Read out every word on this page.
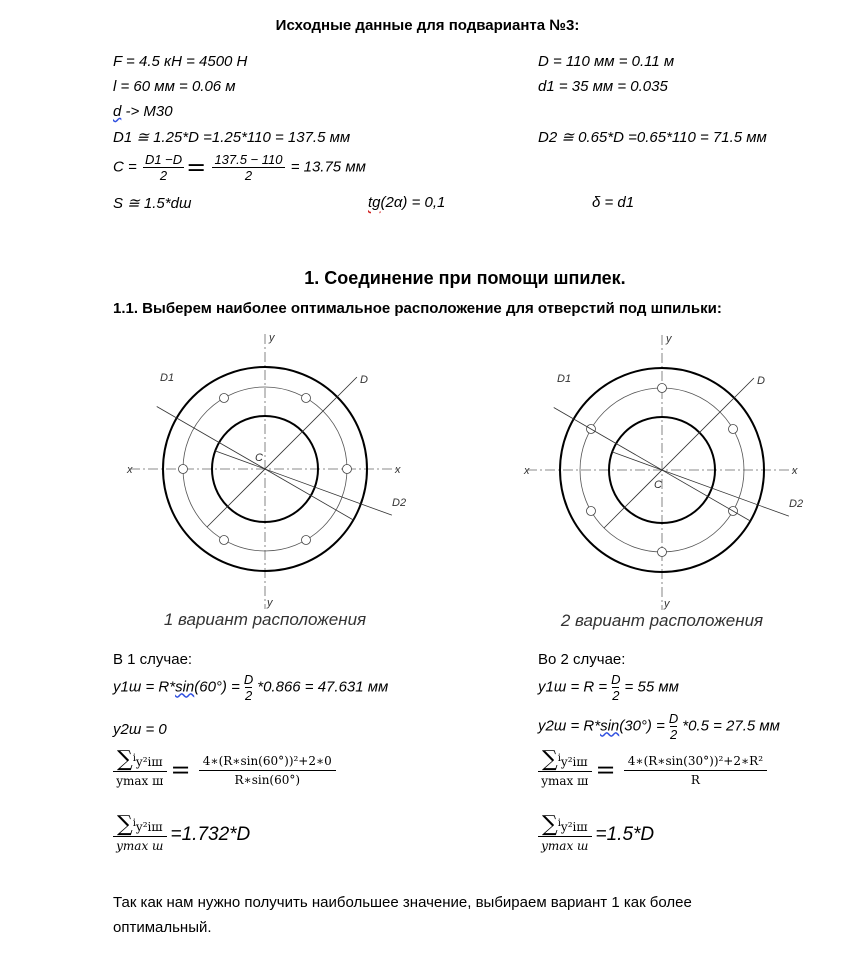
Исходные данные для подварианта №3:
F = 4.5 кН = 4500 Н
l = 60 мм = 0.06 м
d -> М30
D1 ≅ 1.25*D =1.25*110 = 137.5 мм
$C = \frac{D1 -D}{2} = \frac{137.5 - 110}{2} = 13.75$ мм
S ≅ 1.5*dш	tg(2α) = 0,1	δ = d1
D = 110 мм = 0.11 м
d1 = 35 мм = 0.035
D2 ≅ 0.65*D =0.65*110 = 71.5 мм
1. Соединение при помощи шпилек.
1.1. Выберем наиболее оптимальное расположение для отверстий под шпильки:
x	x
y
y
C
D1	D
D2
1 вариант расположения
x	x
y
y
C
D1	D
D2
2 вариант расположения
В 1 случае:
$y1ш = R*\sin(60^\circ) = \frac{D}{2} *0.866 = 47.631$ мм
y2ш = 0
∑$^i$y²iш
ymax $ш = \frac{\text{4∗(R∗sin(60°))²+2∗0}}{R∗\sin(60^\circ)}$
∑$^i$y²iш
ymax ш
=1.732*D
Во 2 случае:
$y1ш = R = \frac{D}{2} = 55$ мм
$y2ш = R*\sin(30^\circ) = \frac{D}{2} *0.5 = 27.5$ мм
∑$^i$y²iш
ymax $ш = \frac{\text{4∗(R∗sin(30°))²+2∗R²}}{R}$
∑$^i$y²iш
ymax ш
=1.5*D
Так как нам нужно получить наибольшее значение, выбираем вариант 1 как более оптимальный.
